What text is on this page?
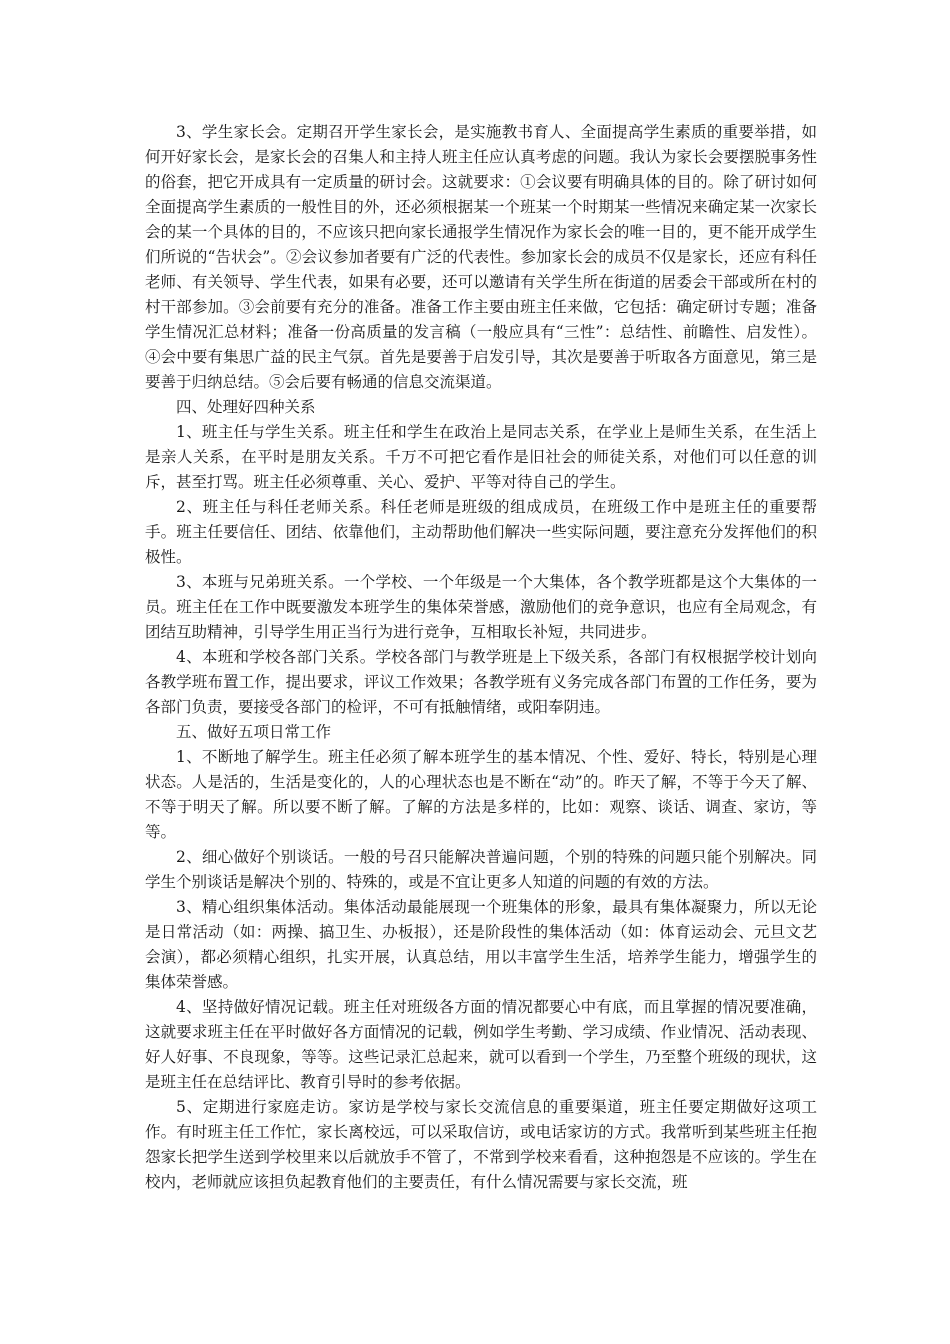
3、学生家长会。定期召开学生家长会，是实施教书育人、全面提高学生素质的重要举措，如何开好家长会，是家长会的召集人和主持人班主任应认真考虑的问题。我认为家长会要摆脱事务性的俗套，把它开成具有一定质量的研讨会。这就要求：①会议要有明确具体的目的。除了研讨如何全面提高学生素质的一般性目的外，还必须根据某一个班某一个时期某一些情况来确定某一次家长会的某一个具体的目的，不应该只把向家长通报学生情况作为家长会的唯一目的，更不能开成学生们所说的“告状会”。②会议参加者要有广泛的代表性。参加家长会的成员不仅是家长，还应有科任老师、有关领导、学生代表，如果有必要，还可以邀请有关学生所在街道的居委会干部或所在村的村干部参加。③会前要有充分的准备。准备工作主要由班主任来做，它包括：确定研讨专题；准备学生情况汇总材料；准备一份高质量的发言稿（一般应具有“三性”：总结性、前瞻性、启发性）。④会中要有集思广益的民主气氛。首先是要善于启发引导，其次是要善于听取各方面意见，第三是要善于归纳总结。⑤会后要有畅通的信息交流渠道。

四、处理好四种关系

1、班主任与学生关系。班主任和学生在政治上是同志关系，在学业上是师生关系，在生活上是亲人关系，在平时是朋友关系。千万不可把它看作是旧社会的师徒关系，对他们可以任意的训斥，甚至打骂。班主任必须尊重、关心、爱护、平等对待自己的学生。

2、班主任与科任老师关系。科任老师是班级的组成成员，在班级工作中是班主任的重要帮手。班主任要信任、团结、依靠他们，主动帮助他们解决一些实际问题，要注意充分发挥他们的积极性。

3、本班与兄弟班关系。一个学校、一个年级是一个大集体，各个教学班都是这个大集体的一员。班主任在工作中既要激发本班学生的集体荣誉感，激励他们的竞争意识，也应有全局观念，有团结互助精神，引导学生用正当行为进行竞争，互相取长补短，共同进步。

4、本班和学校各部门关系。学校各部门与教学班是上下级关系，各部门有权根据学校计划向各教学班布置工作，提出要求，评议工作效果；各教学班有义务完成各部门布置的工作任务，要为各部门负责，要接受各部门的检评，不可有抵触情绪，或阳奉阴违。

五、做好五项日常工作

1、不断地了解学生。班主任必须了解本班学生的基本情况、个性、爱好、特长，特别是心理状态。人是活的，生活是变化的，人的心理状态也是不断在“动”的。昨天了解，不等于今天了解、不等于明天了解。所以要不断了解。了解的方法是多样的，比如：观察、谈话、调查、家访，等等。

2、细心做好个别谈话。一般的号召只能解决普遍问题，个别的特殊的问题只能个别解决。同学生个别谈话是解决个别的、特殊的，或是不宜让更多人知道的问题的有效的方法。

3、精心组织集体活动。集体活动最能展现一个班集体的形象，最具有集体凝聚力，所以无论是日常活动（如：两操、搞卫生、办板报），还是阶段性的集体活动（如：体育运动会、元旦文艺会演），都必须精心组织，扎实开展，认真总结，用以丰富学生生活，培养学生能力，增强学生的集体荣誉感。

4、坚持做好情况记载。班主任对班级各方面的情况都要心中有底，而且掌握的情况要准确，这就要求班主任在平时做好各方面情况的记载，例如学生考勤、学习成绩、作业情况、活动表现、好人好事、不良现象，等等。这些记录汇总起来，就可以看到一个学生，乃至整个班级的现状，这是班主任在总结评比、教育引导时的参考依据。

5、定期进行家庭走访。家访是学校与家长交流信息的重要渠道，班主任要定期做好这项工作。有时班主任工作忙，家长离校远，可以采取信访，或电话家访的方式。我常听到某些班主任抱怨家长把学生送到学校里来以后就放手不管了，不常到学校来看看，这种抱怨是不应该的。学生在校内，老师就应该担负起教育他们的主要责任，有什么情况需要与家长交流，班
